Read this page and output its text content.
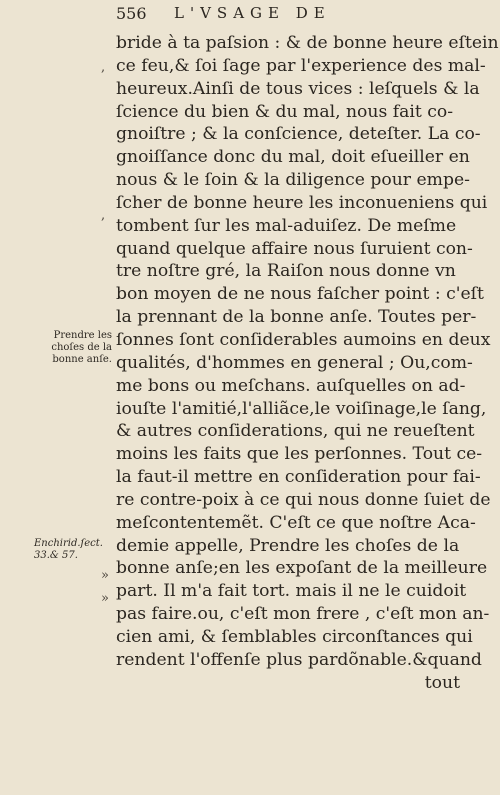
556 L'VSAGE DE
bride à ta paſsion : & de bonne heure eſtein
ce feu,& ſoi ſage par l'experience des mal-
heureux.Ainſi de tous vices : leſquels & la
ſcience du bien & du mal, nous fait co-
gnoiſtre ; & la conſcience, deteſter. La co-
gnoiſſance donc du mal, doit eſueiller en
nous & le ſoin & la diligence pour empe-
ſcher de bonne heure les inconueniens qui
tombent ſur les mal-aduiſez. De meſme
quand quelque affaire nous ſuruient con-
tre noſtre gré, la Raiſon nous donne vn
bon moyen de ne nous faſcher point : c'eſt
la prennant de la bonne anſe. Toutes per-
ſonnes ſont conſiderables aumoins en deux
qualités, d'hommes en general ; Ou,com-
me bons ou meſchans. auſquelles on ad-
iouſte l'amitié,l'alliãce,le voiſinage,le ſang,
& autres conſiderations, qui ne reueſtent
moins les faits que les perſonnes. Tout ce-
la faut-il mettre en conſideration pour fai-
re contre-poix à ce qui nous donne ſuiet de
meſcontentemẽt. C'eſt ce que noſtre Aca-
demie appelle, Prendre les choſes de la
bonne anſe;en les expoſant de la meilleure
part. Il m'a fait tort. mais il ne le cuidoit
pas faire.ou, c'eſt mon frere , c'eſt mon an-
cien ami, & ſemblables circonſtances qui
rendent l'offenſe plus pardõnable.&quand
tout
Prendre les
choſes de la
bonne anſe.
Enchirid.ſect.
33.& 57.
»
»
,
,
